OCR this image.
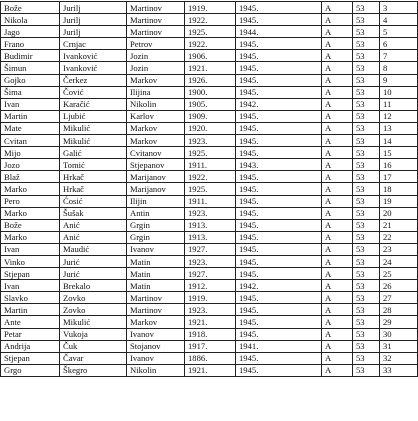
Bože	Jurilj	Martinov	1919.	1945.	A	53	3
Nikola	Jurilj	Martinov	1922.	1945.	A	53	4
Jago	Jurilj	Martinov	1925.	1944.	A	53	5
Frano	Crnjac	Petrov	1922.	1945.	A	53	6
Budimir	Ivanković	Jozin	1906.	1945.	A	53	7
Šimun	Ivanković	Jozin	1921.	1945.	A	53	8
Gojko	Čerkez	Markov	1926.	1945.	A	53	9
Šima	Čović	Ilijina	1900.	1945.	A	53	10
Ivan	Karačić	Nikolin	1905.	1942.	A	53	11
Martin	Ljubić	Karlov	1909.	1945.	A	53	12
Mate	Mikulić	Markov	1920.	1945.	A	53	13
Cvitan	Mikulić	Markov	1923.	1945.	A	53	14
Mijo	Galić	Cvitanov	1925.	1945.	A	53	15
Jozo	Tomić	Stjepanov	1911.	1943.	A	53	16
Blaž	Hrkač	Marijanov	1922.	1945.	A	53	17
Marko	Hrkač	Marijanov	1925.	1945.	A	53	18
Pero	Ćosić	Ilijin	1911.	1945.	A	53	19
Marko	Šušak	Antin	1923.	1945.	A	53	20
Bože	Anić	Grgin	1913.	1945.	A	53	21
Marko	Anić	Grgin	1913.	1945.	A	53	22
Ivan	Maudić	Ivanov	1927.	1945.	A	53	23
Vinko	Jurić	Matin	1923.	1945.	A	53	24
Stjepan	Jurić	Matin	1927.	1945.	A	53	25
Ivan	Brekalo	Matin	1912.	1942.	A	53	26
Slavko	Zovko	Martinov	1919.	1945.	A	53	27
Martin	Zovko	Martinov	1923.	1945.	A	53	28
Ante	Mikulić	Markov	1921.	1945.	A	53	29
Petar	Vukoja	Ivanov	1918.	1945.	A	53	30
Andrija	Čuk	Stojanov	1917.	1941.	A	53	31
Stjepan	Čavar	Ivanov	1886.	1945.	A	53	32
Grgo	Škegro	Nikolin	1921.	1945.	A	53	33
